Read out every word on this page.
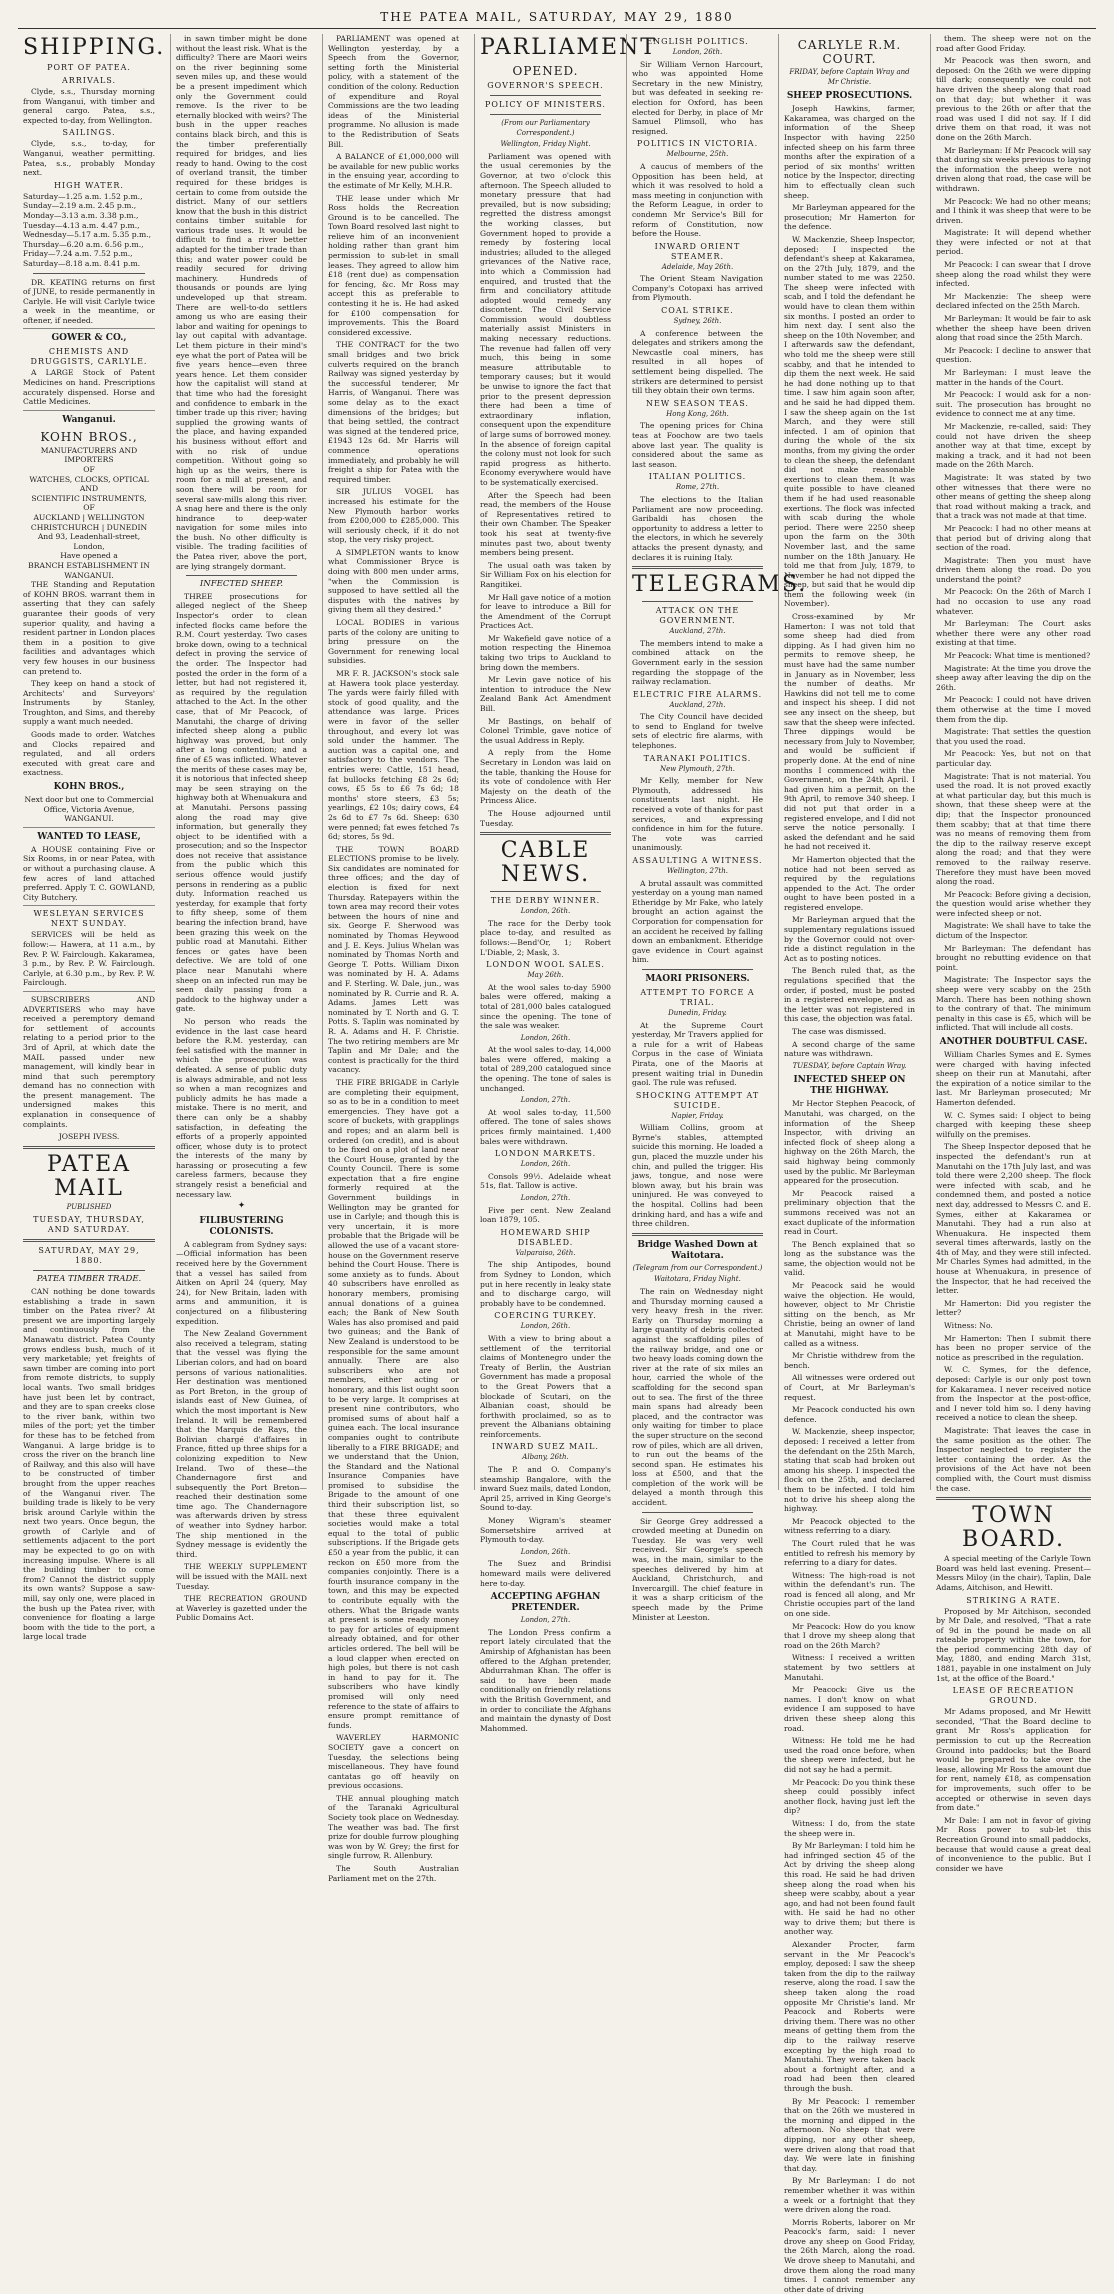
THE PATEA MAIL, SATURDAY, MAY 29, 1880
SHIPPING.
PORT OF PATEA.
ARRIVALS.

Clyde, s.s., Thursday morning from Wanganui, with timber and general cargo. Patea, s.s., expected to-day, from Wellington.

SAILINGS.

Clyde, s.s., to-day, for Wanganui, weather permitting. Patea, s.s., probably Monday next.

HIGH WATER.
Saturday—1.25 a.m. 1.52 p.m.,
Sunday—2.19 a.m. 2.45 p.m.,
Monday—3.13 a.m. 3.38 p.m.,
Tuesday—4.13 a.m. 4.47 p.m.,
Wednesday—5.17 a.m. 5.35 p.m.,
Thursday—6.20 a.m. 6.56 p.m.,
Friday—7.24 a.m. 7.52 p.m.,
Saturday—8.18 a.m. 8.41 p.m.

DR. KEATING returns on first of JUNE, to reside permanently in Carlyle. He will visit Carlyle twice a week in the meantime, or oftener, if needed.

GOWER & CO.,
CHEMISTS AND DRUGGISTS, CARLYLE.

A LARGE Stock of Patent Medicines on hand. Prescriptions accurately dispensed. Horse and Cattle Medicines.

Wanganui.
KOHN BROS.,
MANUFACTURERS AND IMPORTERS
OF
WATCHES, CLOCKS, OPTICAL
AND
SCIENTIFIC INSTRUMENTS,
OF
AUCKLAND | WELLINGTON
CHRISTCHURCH | DUNEDIN
And 93, Leadenhall-street, London,
Have opened a
BRANCH ESTABLISHMENT IN
WANGANUI.

THE Standing and Reputation of KOHN BROS. warrant them in asserting that they can safely guarantee their goods of very superior quality, and having a resident partner in London places them in a position to give facilities and advantages which very few houses in our business can pretend to.

They keep on hand a stock of Architects' and Surveyors' Instruments by Stanley, Troughton, and Sims, and thereby supply a want much needed.

Goods made to order. Watches and Clocks repaired and regulated, and all orders executed with great care and exactness.

KOHN BROS.,

Next door but one to Commercial Office, Victoria Avenue, WANGANUI.

WANTED TO LEASE,

A HOUSE containing Five or Six Rooms, in or near Patea, with or without a purchasing clause. A few acres of land attached preferred. Apply T. C. GOWLAND, City Butchery.

WESLEYAN SERVICES NEXT SUNDAY.

SERVICES will be held as follow:— Hawera, at 11 a.m., by Rev. P. W. Fairclough. Kakaramea, 3 p.m., by Rev. P. W. Fairclough. Carlyle, at 6.30 p.m., by Rev. P. W. Fairclough.

SUBSCRIBERS AND ADVERTISERS who may have received a peremptory demand for settlement of accounts relating to a period prior to the 3rd of April, at which date the MAIL passed under new management, will kindly bear in mind that such peremptory demand has no connection with the present management. The undersigned makes this explanation in consequence of complaints.

JOSEPH IVESS.

PATEA MAIL
PUBLISHED
TUESDAY, THURSDAY, AND SATURDAY.
SATURDAY, MAY 29, 1880.
PATEA TIMBER TRADE.

CAN nothing be done towards establishing a trade in sawn timber on the Patea river? At present we are importing largely and continuously from the Manawatu district. Patea County grows endless bush, much of it very marketable; yet freights of sawn timber are coming into port from remote districts, to supply local wants. Two small bridges have just been let by contract, and they are to span creeks close to the river bank, within two miles of the port; yet the timber for these has to be fetched from Wanganui. A large bridge is to cross the river on the branch line of Railway, and this also will have to be constructed of timber brought from the upper reaches of the Wanganui river. The building trade is likely to be very brisk around Carlyle within the next two years. Once begun, the growth of Carlyle and of settlements adjacent to the port may be expected to go on with increasing impulse. Where is all the building timber to come from? Cannot the district supply its own wants? Suppose a saw-mill, say only one, were placed in the bush up the Patea river, with convenience for floating a large boom with the tide to the port, a large local trade

in sawn timber might be done without the least risk. What is the difficulty? There are Maori weirs on the river beginning some seven miles up, and these would be a present impediment which only the Government could remove. Is the river to be eternally blocked with weirs? The bush in the upper reaches contains black birch, and this is the timber preferentially required for bridges, and lies ready to hand. Owing to the cost of overland transit, the timber required for these bridges is certain to come from outside the district. Many of our settlers know that the bush in this district contains timber suitable for various trade uses. It would be difficult to find a river better adapted for the timber trade than this; and water power could be readily secured for driving machinery. Hundreds of thousands or pounds are lying undeveloped up that stream. There are well-to-do settlers among us who are easing their labor and waiting for openings to lay out capital with advantage. Let them picture in their mind's eye what the port of Patea will be five years hence—even three years hence. Let them consider how the capitalist will stand at that time who had the foresight and confidence to embark in the timber trade up this river; having supplied the growing wants of the place, and having expanded his business without effort and with no risk of undue competition. Without going so high up as the weirs, there is room for a mill at present, and soon there will be room for several saw-mills along this river. A snag here and there is the only hindrance to deep-water navigation for some miles into the bush. No other difficulty is visible. The trading facilities of the Patea river, above the port, are lying strangely dormant.

INFECTED SHEEP.

THREE prosecutions for alleged neglect of the Sheep Inspector's order to clean infected flocks came before the R.M. Court yesterday. Two cases broke down, owing to a technical defect in proving the service of the order. The Inspector had posted the order in the form of a letter, but had not registered it, as required by the regulation attached to the Act. In the other case, that of Mr Peacock, of Manutahi, the charge of driving infected sheep along a public highway was proved, but only after a long contention; and a fine of £5 was inflicted. Whatever the merits of these cases may be, it is notorious that infected sheep may be seen straying on the highway both at Whenuakura and at Manutahi. Persons passing along the road may give information, but generally they object to be identified with a prosecution; and so the Inspector does not receive that assistance from the public which this serious offence would justify persons in rendering as a public duty. Information reached us yesterday, for example that forty to fifty sheep, some of them bearing the infection brand, have been grazing this week on the public road at Manutahi. Either fences or gates have been defective. We are told of one place near Manutahi where sheep on an infected run may be seen daily passing from a paddock to the highway under a gate.

No person who reads the evidence in the last case heard before the R.M. yesterday, can feel satisfied with the manner in which the prosecution was defeated. A sense of public duty is always admirable, and not less so when a man recognizes and publicly admits he has made a mistake. There is no merit, and there can only be a shabby satisfaction, in defeating the efforts of a properly appointed officer, whose duty is to protect the interests of the many by harassing or prosecuting a few careless farmers, because they strangely resist a beneficial and necessary law.

✦
FILIBUSTERING COLONISTS.

A cablegram from Sydney says:—Official information has been received here by the Government that a vessel has sailed from Aitken on April 24 (query, May 24), for New Britain, laden with arms and ammunition, it is conjectured on a filibustering expedition.

The New Zealand Government also received a telegram, stating that the vessel was flying the Liberian colors, and had on board persons of various nationalities. Her destination was mentioned as Port Breton, in the group of islands east of New Guinea, of which the most important is New Ireland. It will be remembered that the Marquis de Rays, the Bolivian chargé d'affaires in France, fitted up three ships for a colonizing expedition to New Ireland. Two of these—the Chandernagore first and subsequently the Port Breton—reached their destination some time ago. The Chandernagore was afterwards driven by stress of weather into Sydney harbor. The ship mentioned in the Sydney message is evidently the third.

THE WEEKLY SUPPLEMENT will be issued with the MAIL next Tuesday.

THE RECREATION GROUND at Waverley is gazetted under the Public Domains Act.

PARLIAMENT was opened at Wellington yesterday, by a Speech from the Governor, setting forth the Ministerial policy, with a statement of the condition of the colony. Reduction of expenditure and Royal Commissions are the two leading ideas of the Ministerial programme. No allusion is made to the Redistribution of Seats Bill.

A BALANCE of £1,000,000 will be available for new public works in the ensuing year, according to the estimate of Mr Kelly, M.H.R.

THE lease under which Mr Ross holds the Recreation Ground is to be cancelled. The Town Board resolved last night to relieve him of an inconvenient holding rather than grant him permission to sub-let in small leases. They agreed to allow him £18 (rent due) as compensation for fencing, &c. Mr Ross may accept this as preferable to contesting it he is. He had asked for £100 compensation for improvements. This the Board considered excessive.

THE CONTRACT for the two small bridges and two brick culverts required on the branch Railway was signed yesterday by the successful tenderer, Mr Harris, of Wanganui. There was some delay as to the exact dimensions of the bridges; but that being settled, the contract was signed at the tendered price, £1943 12s 6d. Mr Harris will commence operations immediately, and probably he will freight a ship for Patea with the required timber.

SIR JULIUS VOGEL has increased his estimate for the New Plymouth harbor works from £200,000 to £285,000. This will seriously check, if it do not stop, the very risky project.

A SIMPLETON wants to know what Commissioner Bryce is doing with 800 men under arms, "when the Commission is supposed to have settled all the disputes with the natives by giving them all they desired."

LOCAL BODIES in various parts of the colony are uniting to bring pressure on the Government for renewing local subsidies.

MR F. R. JACKSON's stock sale at Hawera took place yesterday. The yards were fairly filled with stock of good quality, and the attendance was large. Prices were in favor of the seller throughout, and every lot was sold under the hammer. The auction was a capital one, and satisfactory to the vendors. The entries were: Cattle, 151 head, fat bullocks fetching £8 2s 6d; cows, £5 5s to £6 7s 6d; 18 months' store steers, £3 5s; yearlings, £2 10s; dairy cows, £4 2s 6d to £7 7s 6d. Sheep: 630 were penned; fat ewes fetched 7s 6d; stores, 5s 9d.

THE TOWN BOARD ELECTIONS promise to be lively. Six candidates are nominated for three offices; and the day of election is fixed for next Thursday. Ratepayers within the town area may record their votes between the hours of nine and six. George F. Sherwood was nominated by Thomas Heywood and J. E. Keys. Julius Whelan was nominated by Thomas North and George T. Potts. William Dixon was nominated by H. A. Adams and F. Sterling. W. Dale, jun., was nominated by R. Currie and R. A. Adams. James Lett was nominated by T. North and G. T. Potts. S. Taplin was nominated by R. A. Adams and H. F. Christie. The two retiring members are Mr Taplin and Mr Dale; and the contest is practically for the third vacancy.

THE FIRE BRIGADE in Carlyle are completing their equipment, so as to be in a condition to meet emergencies. They have got a score of buckets, with grapplings and ropes; and an alarm bell is ordered (on credit), and is about to be fixed on a plot of land near the Court House, granted by the County Council. There is some expectation that a fire engine formerly required at the Government buildings in Wellington may be granted for use in Carlyle; and though this is very uncertain, it is more probable that the Brigade will be allowed the use of a vacant store-house on the Government reserve behind the Court House. There is some anxiety as to funds. About 40 subscribers have enrolled as honorary members, promising annual donations of a guinea each; the Bank of New South Wales has also promised and paid two guineas; and the Bank of New Zealand is understood to be responsible for the same amount annually. There are also subscribers who are not members, either acting or honorary, and this list ought soon to be very large. It comprises at present nine contributors, who promised sums of about half a guinea each. The local insurance companies ought to contribute liberally to a FIRE BRIGADE; and we understand that the Union, the Standard and the National Insurance Companies have promised to subsidise the Brigade to the amount of one third their subscription list, so that these three equivalent societies would make a total equal to the total of public subscriptions. If the Brigade gets £50 a year from the public, it can reckon on £50 more from the companies conjointly. There is a fourth insurance company in the town, and this may be expected to contribute equally with the others. What the Brigade wants at present is some ready money to pay for articles of equipment already obtained, and for other articles ordered. The bell will be a loud clapper when erected on high poles, but there is not cash in hand to pay for it. The subscribers who have kindly promised will only need reference to the state of affairs to ensure prompt remittance of funds.

WAVERLEY HARMONIC SOCIETY gave a concert on Tuesday, the selections being miscellaneous. They have found cantatas go off heavily on previous occasions.

THE annual ploughing match of the Taranaki Agricultural Society took place on Wednesday. The weather was bad. The first prize for double furrow ploughing was won by W. Grey; the first for single furrow, R. Allenbury.

The South Australian Parliament met on the 27th.

PARLIAMENT
OPENED.
GOVERNOR'S SPEECH.
POLICY OF MINISTERS.
(From our Parliamentary Correspondent.)
Wellington, Friday Night.

Parliament was opened with the usual ceremonies by the Governor, at two o'clock this afternoon. The Speech alluded to monetary pressure that had prevailed, but is now subsiding; regretted the distress amongst the working classes, but Government hoped to provide a remedy by fostering local industries; alluded to the alleged grievances of the Native race, into which a Commission had enquired, and trusted that the firm and conciliatory attitude adopted would remedy any discontent. The Civil Service Commission would doubtless materially assist Ministers in making necessary reductions. The revenue had fallen off very much, this being in some measure attributable to temporary causes; but it would be unwise to ignore the fact that prior to the present depression there had been a time of extraordinary inflation, consequent upon the expenditure of large sums of borrowed money. In the absence of foreign capital the colony must not look for such rapid progress as hitherto. Economy everywhere would have to be systematically exercised.

After the Speech had been read, the members of the House of Representatives retired to their own Chamber. The Speaker took his seat at twenty-five minutes past two, about twenty members being present.

The usual oath was taken by Sir William Fox on his election for Rangitikei.

Mr Hall gave notice of a motion for leave to introduce a Bill for the Amendment of the Corrupt Practices Act.

Mr Wakefield gave notice of a motion respecting the Hinemoa taking two trips to Auckland to bring down the members.

Mr Levin gave notice of his intention to introduce the New Zealand Bank Act Amendment Bill.

Mr Bastings, on behalf of Colonel Trimble, gave notice of the usual Address in Reply.

A reply from the Home Secretary in London was laid on the table, thanking the House for its vote of condolence with Her Majesty on the death of the Princess Alice.

The House adjourned until Tuesday.

CABLE NEWS.
THE DERBY WINNER.
London, 26th.

The race for the Derby took place to-day, and resulted as follows:—Bend'Or, 1; Robert L'Diable, 2; Mask, 3.

LONDON WOOL SALES.
May 26th.

At the wool sales to-day 5900 bales were offered, making a total of 281,000 bales catalogued since the opening. The tone of the sale was weaker.

London, 26th.

At the wool sales to-day, 14,000 bales were offered, making a total of 289,200 catalogued since the opening. The tone of sales is unchanged.

London, 27th.

At wool sales to-day, 11,500 offered. The tone of sales shows prices firmly maintained. 1,400 bales were withdrawn.

LONDON MARKETS.
London, 26th.

Consols 99½. Adelaide wheat 51s, flat. Tallow is active.

London, 27th.

Five per cent. New Zealand loan 1879, 105.

HOMEWARD SHIP DISABLED.
Valparaiso, 26th.

The ship Antipodes, bound from Sydney to London, which put in here recently in leaky state and to discharge cargo, will probably have to be condemned.

COERCING TURKEY.
London, 26th.

With a view to bring about a settlement of the territorial claims of Montenegro under the Treaty of Berlin, the Austrian Government has made a proposal to the Great Powers that a blockade of Scutari, on the Albanian coast, should be forthwith proclaimed, so as to prevent the Albanians obtaining reinforcements.

INWARD SUEZ MAIL.
Albany, 26th.

The P. and O. Company's steamship Bangalore, with the inward Suez mails, dated London, April 25, arrived in King George's Sound to-day.

Money Wigram's steamer Somersetshire arrived at Plymouth to-day.

London, 26th.

The Suez and Brindisi homeward mails were delivered here to-day.

ACCEPTING AFGHAN PRETENDER.
London, 27th.

The London Press confirm a report lately circulated that the Amirship of Afghanistan has been offered to the Afghan pretender, Abdurrahman Khan. The offer is said to have been made conditionally on friendly relations with the British Government, and in order to conciliate the Afghans and maintain the dynasty of Dost Mahommed.

ENGLISH POLITICS.
London, 26th.

Sir William Vernon Harcourt, who was appointed Home Secretary in the new Ministry, but was defeated in seeking re-election for Oxford, has been elected for Derby, in place of Mr Samuel Plimsoll, who has resigned.

POLITICS IN VICTORIA.
Melbourne, 25th.

A caucus of members of the Opposition has been held, at which it was resolved to hold a mass meeting in conjunction with the Reform League, in order to condemn Mr Service's Bill for reform of Constitution, now before the House.

INWARD ORIENT STEAMER.
Adelaide, May 26th.

The Orient Steam Navigation Company's Cotopaxi has arrived from Plymouth.

COAL STRIKE.
Sydney, 26th.

A conference between the delegates and strikers among the Newcastle coal miners, has resulted in all hopes of settlement being dispelled. The strikers are determined to persist till they obtain their own terms.

NEW SEASON TEAS.
Hong Kong, 26th.

The opening prices for China teas at Foochow are two taels above last year. The quality is considered about the same as last season.

ITALIAN POLITICS.
Rome, 27th.

The elections to the Italian Parliament are now proceeding. Garibaldi has chosen the opportunity to address a letter to the electors, in which he severely attacks the present dynasty, and declares it is ruining Italy.

TELEGRAMS.
ATTACK ON THE GOVERNMENT.
Auckland, 27th.

The members intend to make a combined attack on the Government early in the session regarding the stoppage of the railway reclamation.

ELECTRIC FIRE ALARMS.
Auckland, 27th.

The City Council have decided to send to England for twelve sets of electric fire alarms, with telephones.

TARANAKI POLITICS.
New Plymouth, 27th.

Mr Kelly, member for New Plymouth, addressed his constituents last night. He received a vote of thanks for past services, and expressing confidence in him for the future. The vote was carried unanimously.

ASSAULTING A WITNESS.
Wellington, 27th.

A brutal assault was committed yesterday on a young man named Etheridge by Mr Fake, who lately brought an action against the Corporation for compensation for an accident he received by falling down an embankment. Etheridge gave evidence in Court against him.

MAORI PRISONERS.
ATTEMPT TO FORCE A TRIAL.
Dunedin, Friday.

At the Supreme Court yesterday, Mr Travers applied for a rule for a writ of Habeas Corpus in the case of Winiata Pirata, one of the Maoris at present waiting trial in Dunedin gaol. The rule was refused.

SHOCKING ATTEMPT AT SUICIDE.
Napier, Friday.

William Collins, groom at Byrne's stables, attempted suicide this morning. He loaded a gun, placed the muzzle under his chin, and pulled the trigger. His jaws, tongue, and nose were blown away, but his brain was uninjured. He was conveyed to the hospital. Collins had been drinking hard, and has a wife and three children.

Bridge Washed Down at Waitotara.
(Telegram from our Correspondent.)
Waitotara, Friday Night.

The rain on Wednesday night and Thursday morning caused a very heavy fresh in the river. Early on Thursday morning a large quantity of debris collected against the scaffolding piles of the railway bridge, and one or two heavy loads coming down the river at the rate of six miles an hour, carried the whole of the scaffolding for the second span out to sea. The first of the three main spans had already been placed, and the contractor was only waiting for timber to place the super structure on the second row of piles, which are all driven, to run out the beams of the second span. He estimates his loss at £500, and that the completion of the work will be delayed a month through this accident.

Sir George Grey addressed a crowded meeting at Dunedin on Tuesday. He was very well received. Sir George's speech was, in the main, similar to the speeches delivered by him at Auckland, Christchurch, and Invercargill. The chief feature in it was a sharp criticism of the speech made by the Prime Minister at Leeston.

CARLYLE R.M. COURT.
FRIDAY, before Captain Wray and Mr Christie.
SHEEP PROSECUTIONS.

Joseph Hawkins, farmer, Kakaramea, was charged on the information of the Sheep Inspector with having 2250 infected sheep on his farm three months after the expiration of a period of six months' written notice by the Inspector, directing him to effectually clean such sheep.

Mr Barleyman appeared for the prosecution; Mr Hamerton for the defence.

W. Mackenzie, Sheep Inspector, deposed: I inspected the defendant's sheep at Kakaramea, on the 27th July, 1879, and the number stated to me was 2250. The sheep were infected with scab, and I told the defendant he would have to clean them within six months. I posted an order to him next day. I sent also the sheep on the 10th November, and I afterwards saw the defendant, who told me the sheep were still scabby, and that he intended to dip them the next week. He said he had done nothing up to that time. I saw him again soon after, and he said he had dipped them. I saw the sheep again on the 1st March, and they were still infected. I am of opinion that during the whole of the six months, from my giving the order to clean the sheep, the defendant did not make reasonable exertions to clean them. It was quite possible to have cleaned them if he had used reasonable exertions. The flock was infected with scab during the whole period. There were 2250 sheep upon the farm on the 30th November last, and the same number on the 18th January. He told me that from July, 1879, to November he had not dipped the sheep, but said that he would dip them the following week (in November).

Cross-examined by Mr Hamerton: I was not told that some sheep had died from dipping. As I had given him no permits to remove sheep, he must have had the same number in January as in November, less the number of deaths. Mr Hawkins did not tell me to come and inspect his sheep. I did not see any insect on the sheep, but saw that the sheep were infected. Three dippings would be necessary from July to November, and would be sufficient if properly done. At the end of nine months I commenced with the Government, on the 24th April. I had given him a permit, on the 9th April, to remove 340 sheep. I did not put that order in a registered envelope, and I did not serve the notice personally. I asked the defendant and he said he had not received it.

Mr Hamerton objected that the notice had not been served as required by the regulations appended to the Act. The order ought to have been posted in a registered envelope.

Mr Barleyman argued that the supplementary regulations issued by the Governor could not over-ride a distinct regulation in the Act as to posting notices.

The Bench ruled that, as the regulations specified that the order, if posted, must be posted in a registered envelope, and as the letter was not registered in this case, the objection was fatal.

The case was dismissed.

A second charge of the same nature was withdrawn.

TUESDAY, before Captain Wray.
INFECTED SHEEP ON THE HIGHWAY.

Mr Hector Stephen Peacock, of Manutahi, was charged, on the information of the Sheep Inspector, with driving an infected flock of sheep along a highway on the 26th March, the said highway being commonly used by the public. Mr Barleyman appeared for the prosecution.

Mr Peacock raised a preliminary objection that the summons received was not an exact duplicate of the information read in Court.

The Bench explained that so long as the substance was the same, the objection would not be valid.

Mr Peacock said he would waive the objection. He would, however, object to Mr Christie sitting on the bench, as Mr Christie, being an owner of land at Manutahi, might have to be called as a witness.

Mr Christie withdrew from the bench.

All witnesses were ordered out of Court, at Mr Barleyman's request.

Mr Peacock conducted his own defence.

W. Mackenzie, sheep inspector, deposed: I received a letter from the defendant on the 25th March, stating that scab had broken out among his sheep. I inspected the flock on the 25th, and declared them to be infected. I told him not to drive his sheep along the highway.

Mr Peacock objected to the witness referring to a diary.

The Court ruled that he was entitled to refresh his memory by referring to a diary for dates.

Witness: The high-road is not within the defendant's run. The road is fenced all along, and Mr Christie occupies part of the land on one side.

Mr Peacock: How do you know that I drove my sheep along that road on the 26th March?

Witness: I received a written statement by two settlers at Manutahi.

Mr Peacock: Give us the names. I don't know on what evidence I am supposed to have driven these sheep along this road.

Witness: He told me he had used the road once before, when the sheep were infected, but he did not say he had a permit.

Mr Peacock: Do you think these sheep could possibly infect another flock, having just left the dip?

Witness: I do, from the state the sheep were in.

By Mr Barleyman: I told him he had infringed section 45 of the Act by driving the sheep along this road. He said he had driven sheep along the road when his sheep were scabby, about a year ago, and had not been found fault with. He said he had no other way to drive them; but there is another way.

Alexander Procter, farm servant in the Mr Peacock's employ, deposed: I saw the sheep taken from the dip to the railway reserve, along the road. I saw the sheep taken along the road opposite Mr Christie's land. Mr Peacock and Roberts were driving them. There was no other means of getting them from the dip to the railway reserve excepting by the high road to Manutahi. They were taken back about a fortnight after, and a road had been then cleared through the bush.

By Mr Peacock: I remember that on the 26th we mustered in the morning and dipped in the afternoon. No sheep that were dipping, nor any other sheep, were driven along that road that day. We were late in finishing that day.

By Mr Barleyman: I do not remember whether it was within a week or a fortnight that they were driven along the road.

Morris Roberts, laborer on Mr Peacock's farm, said: I never drove any sheep on Good Friday, the 26th March, along the road. We drove sheep to Manutahi, and drove them along the road many times. I cannot remember any other date of driving

them. The sheep were not on the road after Good Friday.

Mr Peacock was then sworn, and deposed: On the 26th we were dipping till dark; consequently we could not have driven the sheep along that road on that day; but whether it was previous to the 26th or after that the road was used I did not say. If I did drive them on that road, it was not done on the 26th March.

Mr Barleyman: If Mr Peacock will say that during six weeks previous to laying the information the sheep were not driven along that road, the case will be withdrawn.

Mr Peacock: We had no other means; and I think it was sheep that were to be driven.

Magistrate: It will depend whether they were infected or not at that period.

Mr Peacock: I can swear that I drove sheep along the road whilst they were infected.

Mr Mackenzie: The sheep were declared infected on the 25th March.

Mr Barleyman: It would be fair to ask whether the sheep have been driven along that road since the 25th March.

Mr Peacock: I decline to answer that question.

Mr Barleyman: I must leave the matter in the hands of the Court.

Mr Peacock: I would ask for a non-suit. The prosecution has brought no evidence to connect me at any time.

Mr Mackenzie, re-called, said: They could not have driven the sheep another way at that time, except by making a track, and it had not been made on the 26th March.

Magistrate: It was stated by two other witnesses that there were no other means of getting the sheep along that road without making a track, and that a track was not made at that time.

Mr Peacock: I had no other means at that period but of driving along that section of the road.

Magistrate: Then you must have driven them along the road. Do you understand the point?

Mr Peacock: On the 26th of March I had no occasion to use any road whatever.

Mr Barleyman: The Court asks whether there were any other road existing at that time.

Mr Peacock: What time is mentioned?

Magistrate: At the time you drove the sheep away after leaving the dip on the 26th.

Mr Peacock: I could not have driven them otherwise at the time I moved them from the dip.

Magistrate: That settles the question that you used the road.

Mr Peacock: Yes, but not on that particular day.

Magistrate: That is not material. You used the road. It is not proved exactly at what particular day, but this much is shown, that these sheep were at the dip; that the Inspector pronounced them scabby; that at that time there was no means of removing them from the dip to the railway reserve except along the road; and that they were removed to the railway reserve. Therefore they must have been moved along the road.

Mr Peacock: Before giving a decision, the question would arise whether they were infected sheep or not.

Magistrate: We shall have to take the dictum of the Inspector.

Mr Barleyman: The defendant has brought no rebutting evidence on that point.

Magistrate: The Inspector says the sheep were very scabby on the 25th March. There has been nothing shown to the contrary of that. The minimum penalty in this case is £5, which will be inflicted. That will include all costs.

ANOTHER DOUBTFUL CASE.

William Charles Symes and E. Symes were charged with having infected sheep on their run at Manutahi, after the expiration of a notice similar to the last. Mr Barleyman prosecuted; Mr Hamerton defended.

W. C. Symes said: I object to being charged with keeping these sheep wilfully on the premises.

The Sheep Inspector deposed that he inspected the defendant's run at Manutahi on the 17th July last, and was told there were 2,200 sheep. The flock were infected with scab, and he condemned them, and posted a notice next day, addressed to Messrs C. and E. Symes, either at Kakaramea or Manutahi. They had a run also at Whenuakura. He inspected them several times afterwards, lastly on the 4th of May, and they were still infected. Mr Charles Symes had admitted, in the house at Whenuakura, in presence of the Inspector, that he had received the letter.

Mr Hamerton: Did you register the letter?

Witness: No.

Mr Hamerton: Then I submit there has been no proper service of the notice as prescribed in the regulation.

W. C. Symes, for the defence, deposed: Carlyle is our only post town for Kakaramea. I never received notice from the Inspector at the post-office, and I never told him so. I deny having received a notice to clean the sheep.

Magistrate: That leaves the case in the same position as the other. The Inspector neglected to register the letter containing the order. As the provisions of the Act have not been complied with, the Court must dismiss the case.

TOWN BOARD.

A special meeting of the Carlyle Town Board was held last evening. Present—Messrs Miloy (in the chair), Taplin, Dale Adams, Aitchison, and Hewitt.

STRIKING A RATE.

Proposed by Mr Aitchison, seconded by Mr Dale, and resolved, "That a rate of 9d in the pound be made on all rateable property within the town, for the period commencing 28th day of May, 1880, and ending March 31st, 1881, payable in one instalment on July 1st, at the office of the Board."

LEASE OF RECREATION GROUND.

Mr Adams proposed, and Mr Hewitt seconded, "That the Board decline to grant Mr Ross's application for permission to cut up the Recreation Ground into paddocks; but the Board would be prepared to take over the lease, allowing Mr Ross the amount due for rent, namely £18, as compensation for improvements, such offer to be accepted or otherwise in seven days from date."

Mr Dale: I am not in favor of giving Mr Ross power to sub-let this Recreation Ground into small paddocks, because that would cause a great deal of inconvenience to the public. But I consider we have
